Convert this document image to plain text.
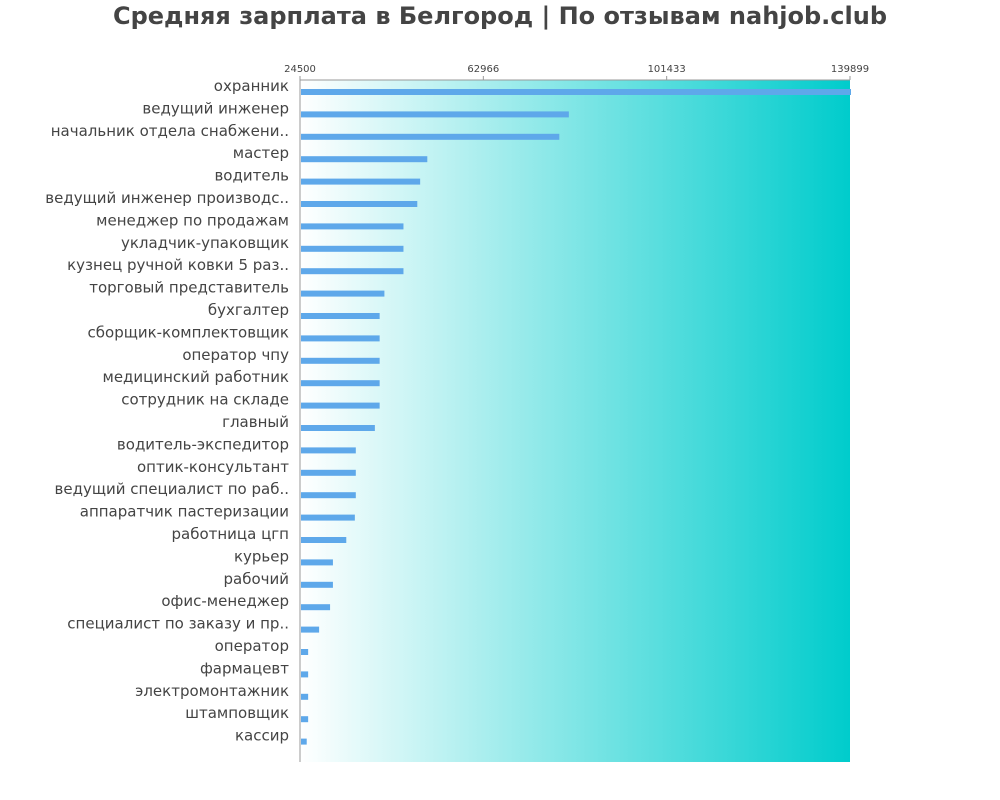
Средняя зарплата в Белгород | По отзывам nahjob.club
24500	62966	101433	139899
охранник
ведущий инженер
начальник отдела снабжени..
мастер
водитель
ведущий инженер производс..
менеджер по продажам
укладчик-упаковщик
кузнец ручной ковки 5 раз..
торговый представитель
бухгалтер
сборщик-комплектовщик
оператор чпу
медицинский работник
сотрудник на складе
главный
водитель-экспедитор
оптик-консультант
ведущий специалист по раб..
аппаратчик пастеризации
работница цгп
курьер
рабочий
офис-менеджер
специалист по заказу и пр..
оператор
фармацевт
электромонтажник
штамповщик
кассир
